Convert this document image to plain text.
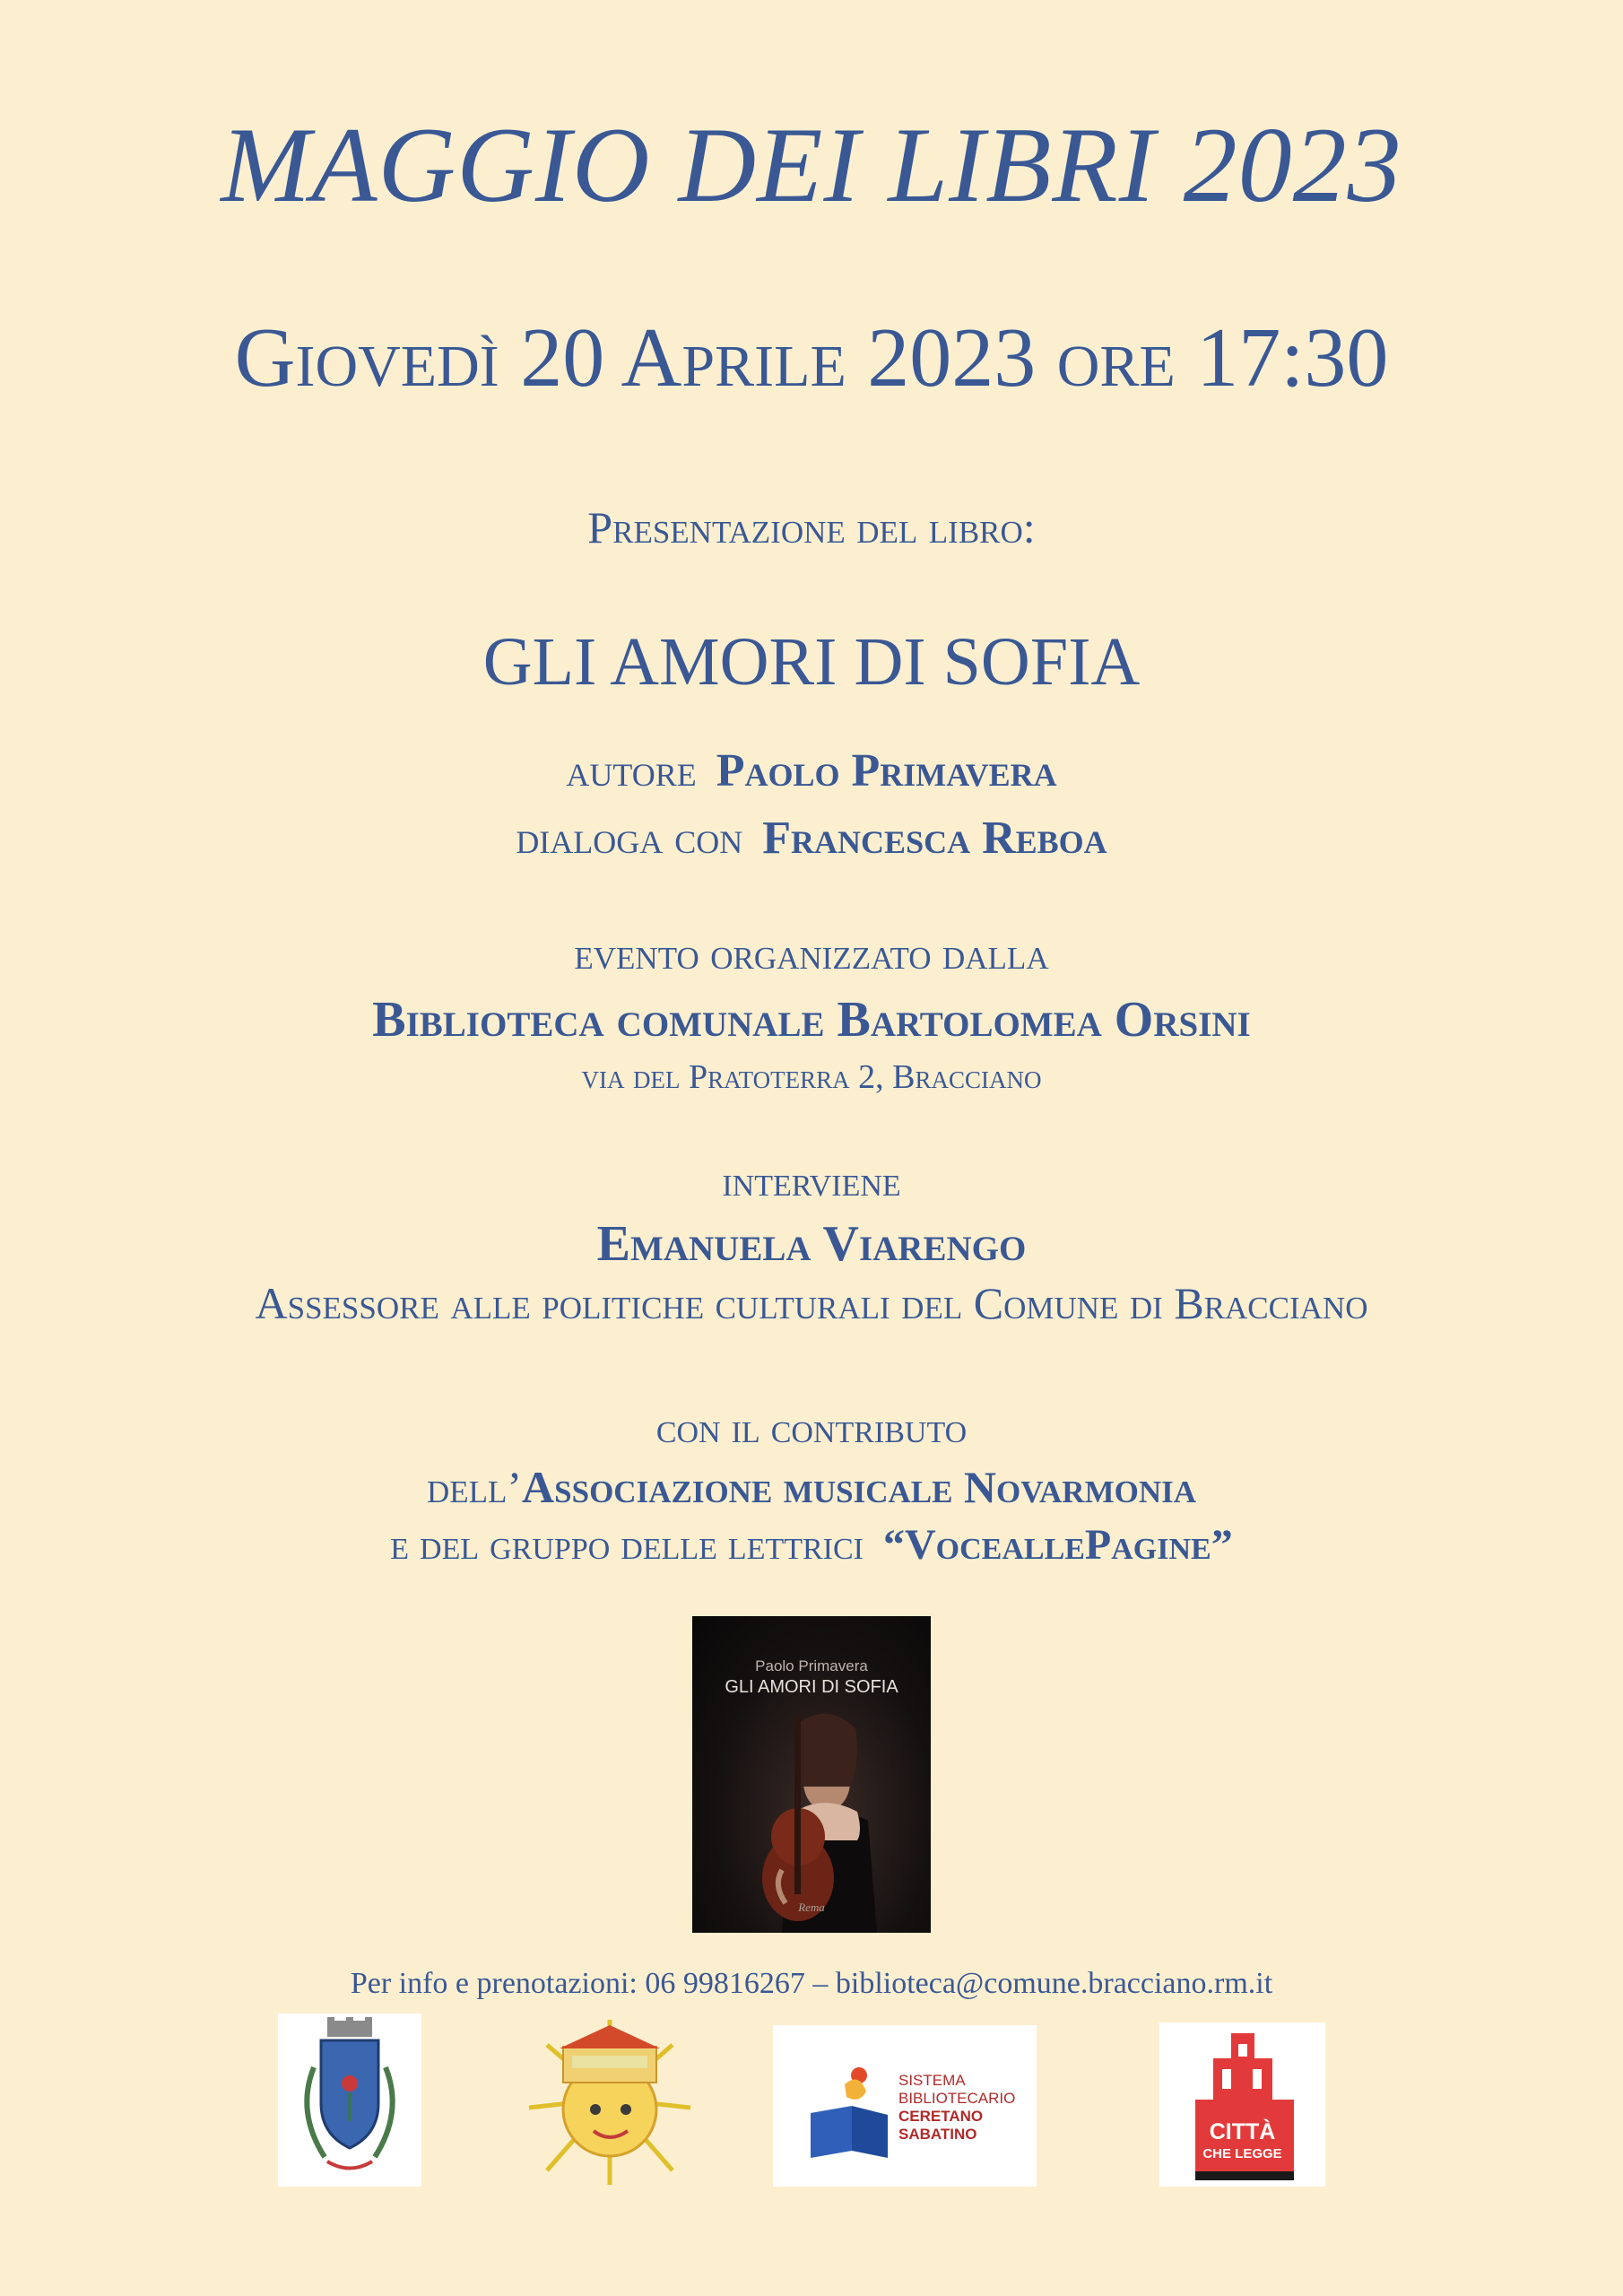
MAGGIO DEI LIBRI 2023
Giovedì 20 Aprile 2023 ore 17:30
Presentazione del libro:
GLI AMORI DI SOFIA
autore Paolo Primavera
dialoga con Francesca Reboa
evento organizzato dalla
Biblioteca comunale Bartolomea Orsini
via del Pratoterra 2, Bracciano
interviene
Emanuela Viarengo
Assessore alle politiche culturali del Comune di Bracciano
con il contributo
dell’Associazione musicale Novarmonia
e del gruppo delle lettrici “VoceallePagine”
Paolo Primavera
GLI AMORI DI SOFIA
Rema
Per info e prenotazioni: 06 99816267 – biblioteca@comune.bracciano.rm.it
SISTEMA
BIBLIOTECARIO
CERETANO
SABATINO	CITTÀ
CHE LEGGE
